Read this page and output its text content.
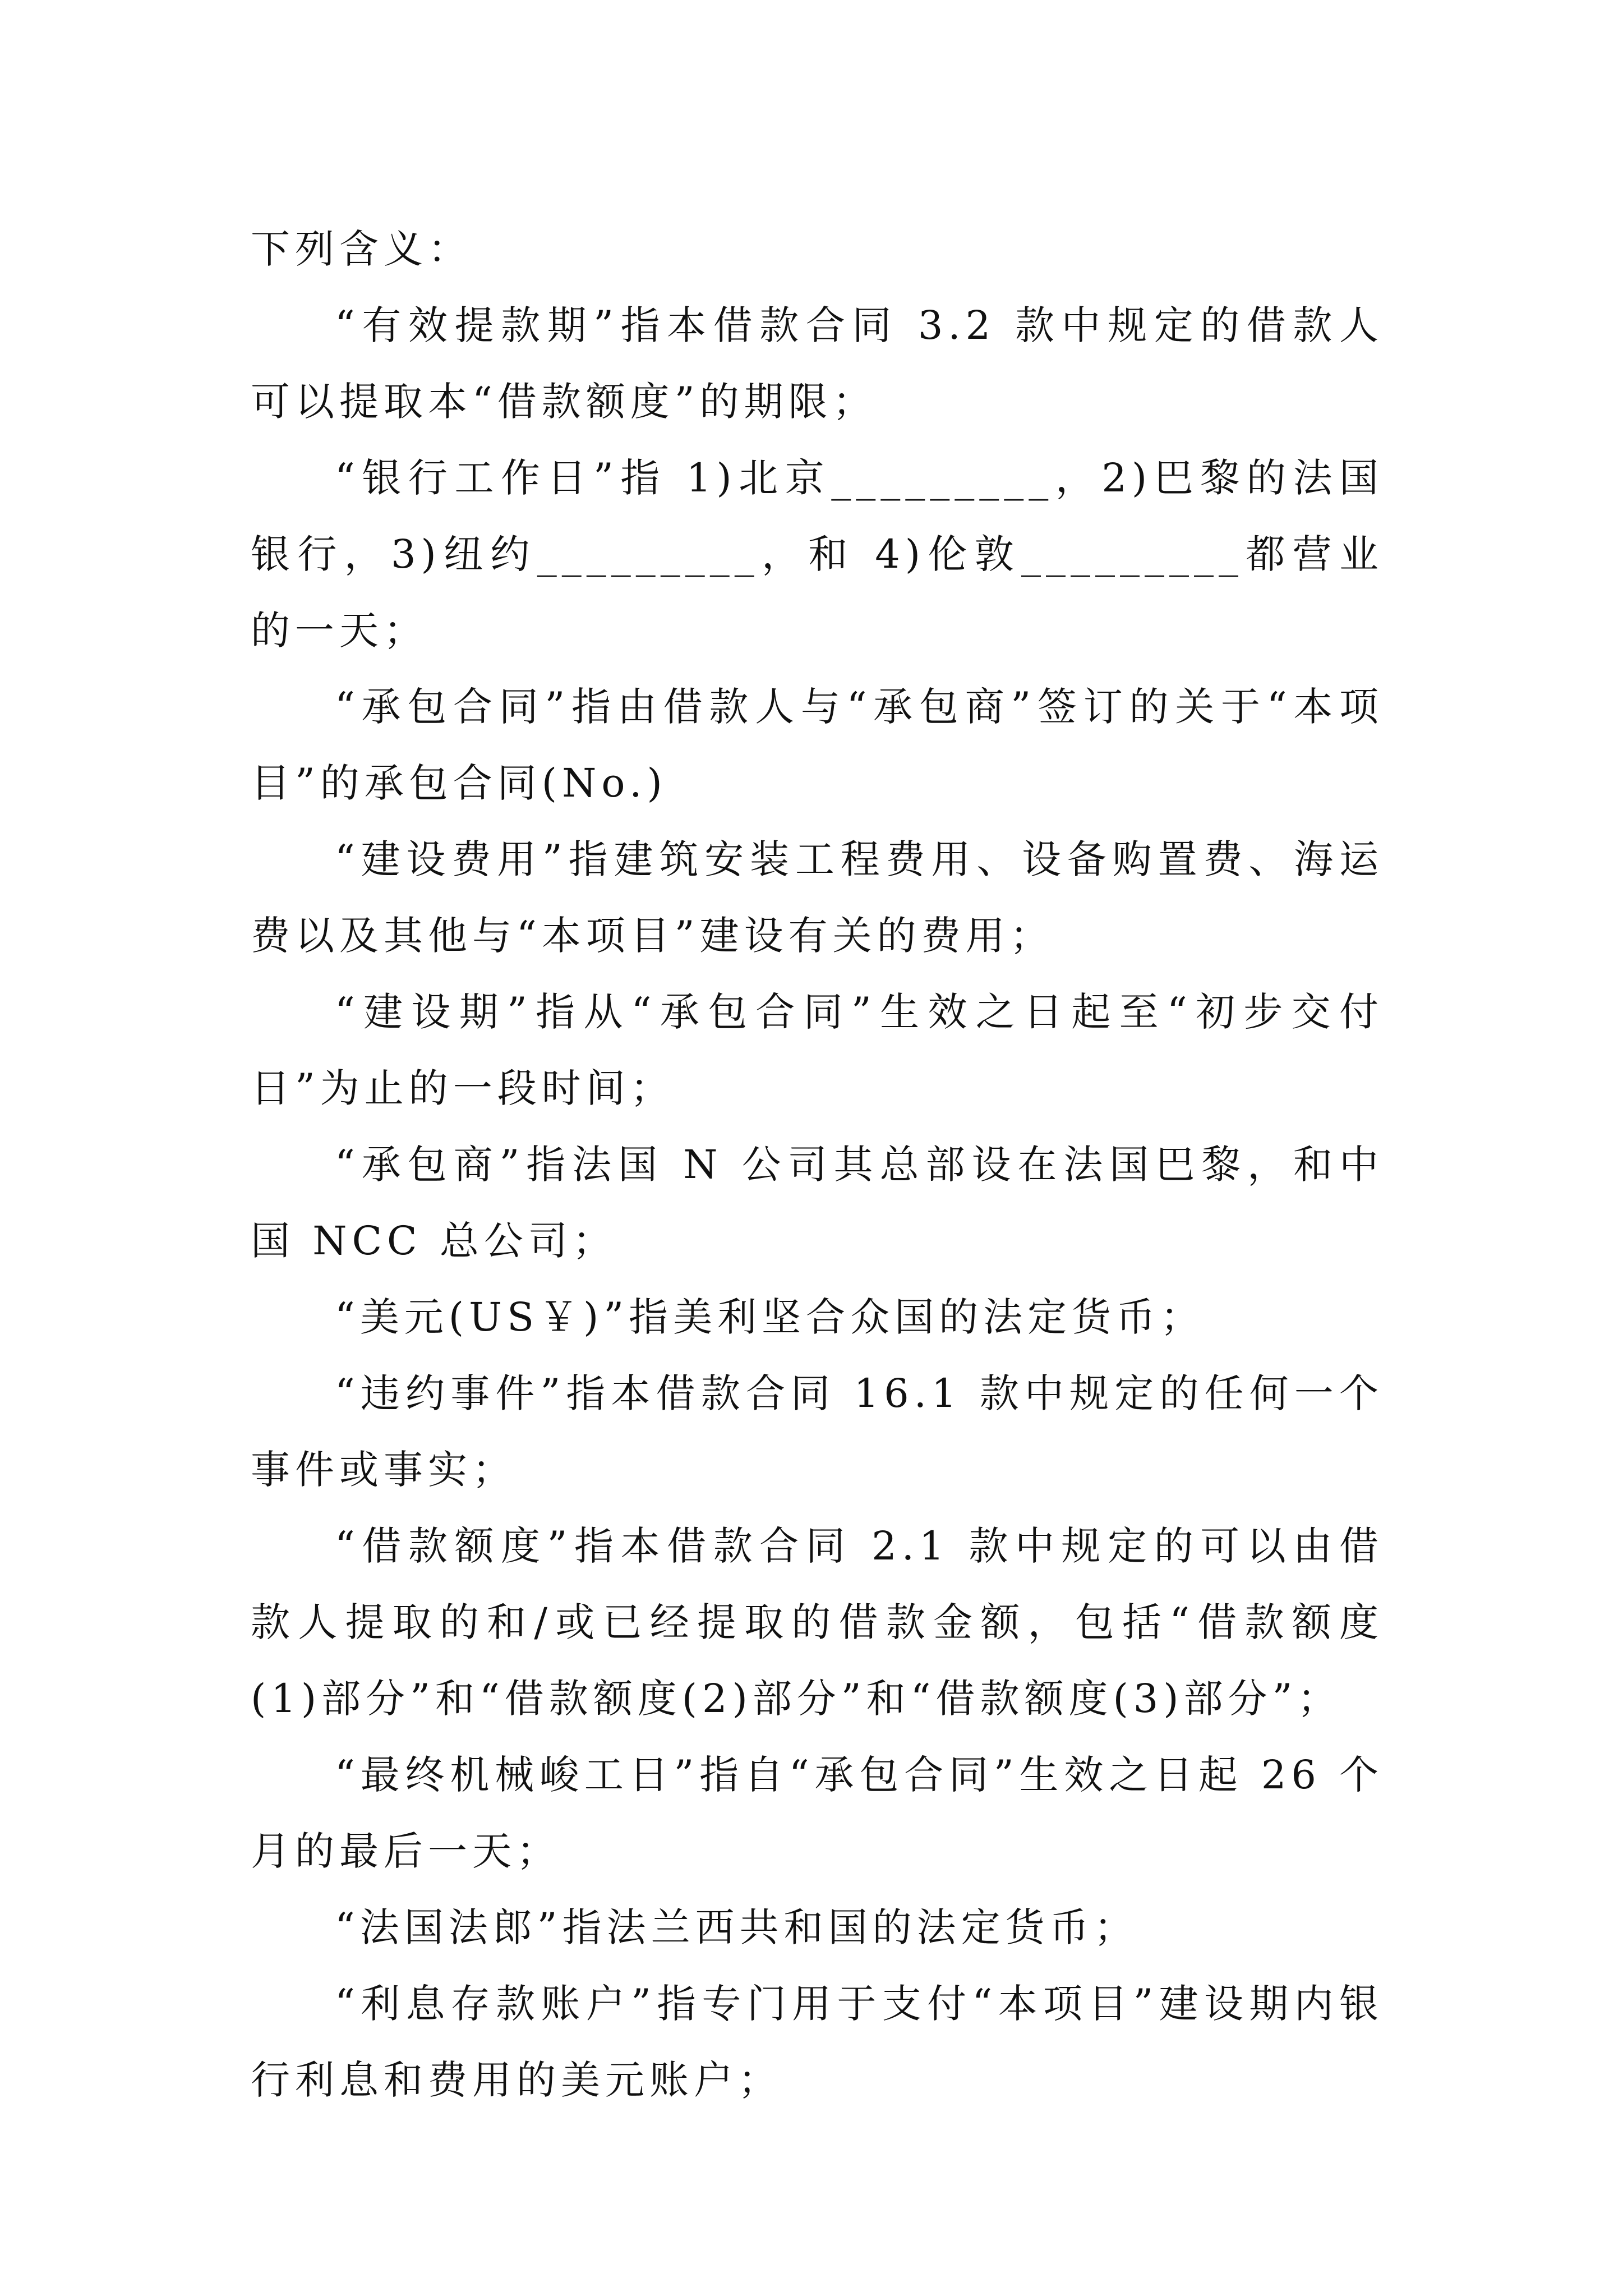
下列含义：

“有效提款期”指本借款合同 3.2 款中规定的借款人可以提取本“借款额度”的期限；

“银行工作日”指 1)北京_________，2)巴黎的法国银行，3)纽约_________，和 4)伦敦_________都营业的一天；

“承包合同”指由借款人与“承包商”签订的关于“本项目”的承包合同(No.)

“建设费用”指建筑安装工程费用、设备购置费、海运费以及其他与“本项目”建设有关的费用；

“建设期”指从“承包合同”生效之日起至“初步交付日”为止的一段时间；

“承包商”指法国 N 公司其总部设在法国巴黎，和中国 NCC 总公司；

“美元(US￥)”指美利坚合众国的法定货币；

“违约事件”指本借款合同 16.1 款中规定的任何一个事件或事实；

“借款额度”指本借款合同 2.1 款中规定的可以由借款人提取的和/或已经提取的借款金额，包括“借款额度(1)部分”和“借款额度(2)部分”和“借款额度(3)部分”；

“最终机械峻工日”指自“承包合同”生效之日起 26 个月的最后一天；

“法国法郎”指法兰西共和国的法定货币；

“利息存款账户”指专门用于支付“本项目”建设期内银行利息和费用的美元账户；
